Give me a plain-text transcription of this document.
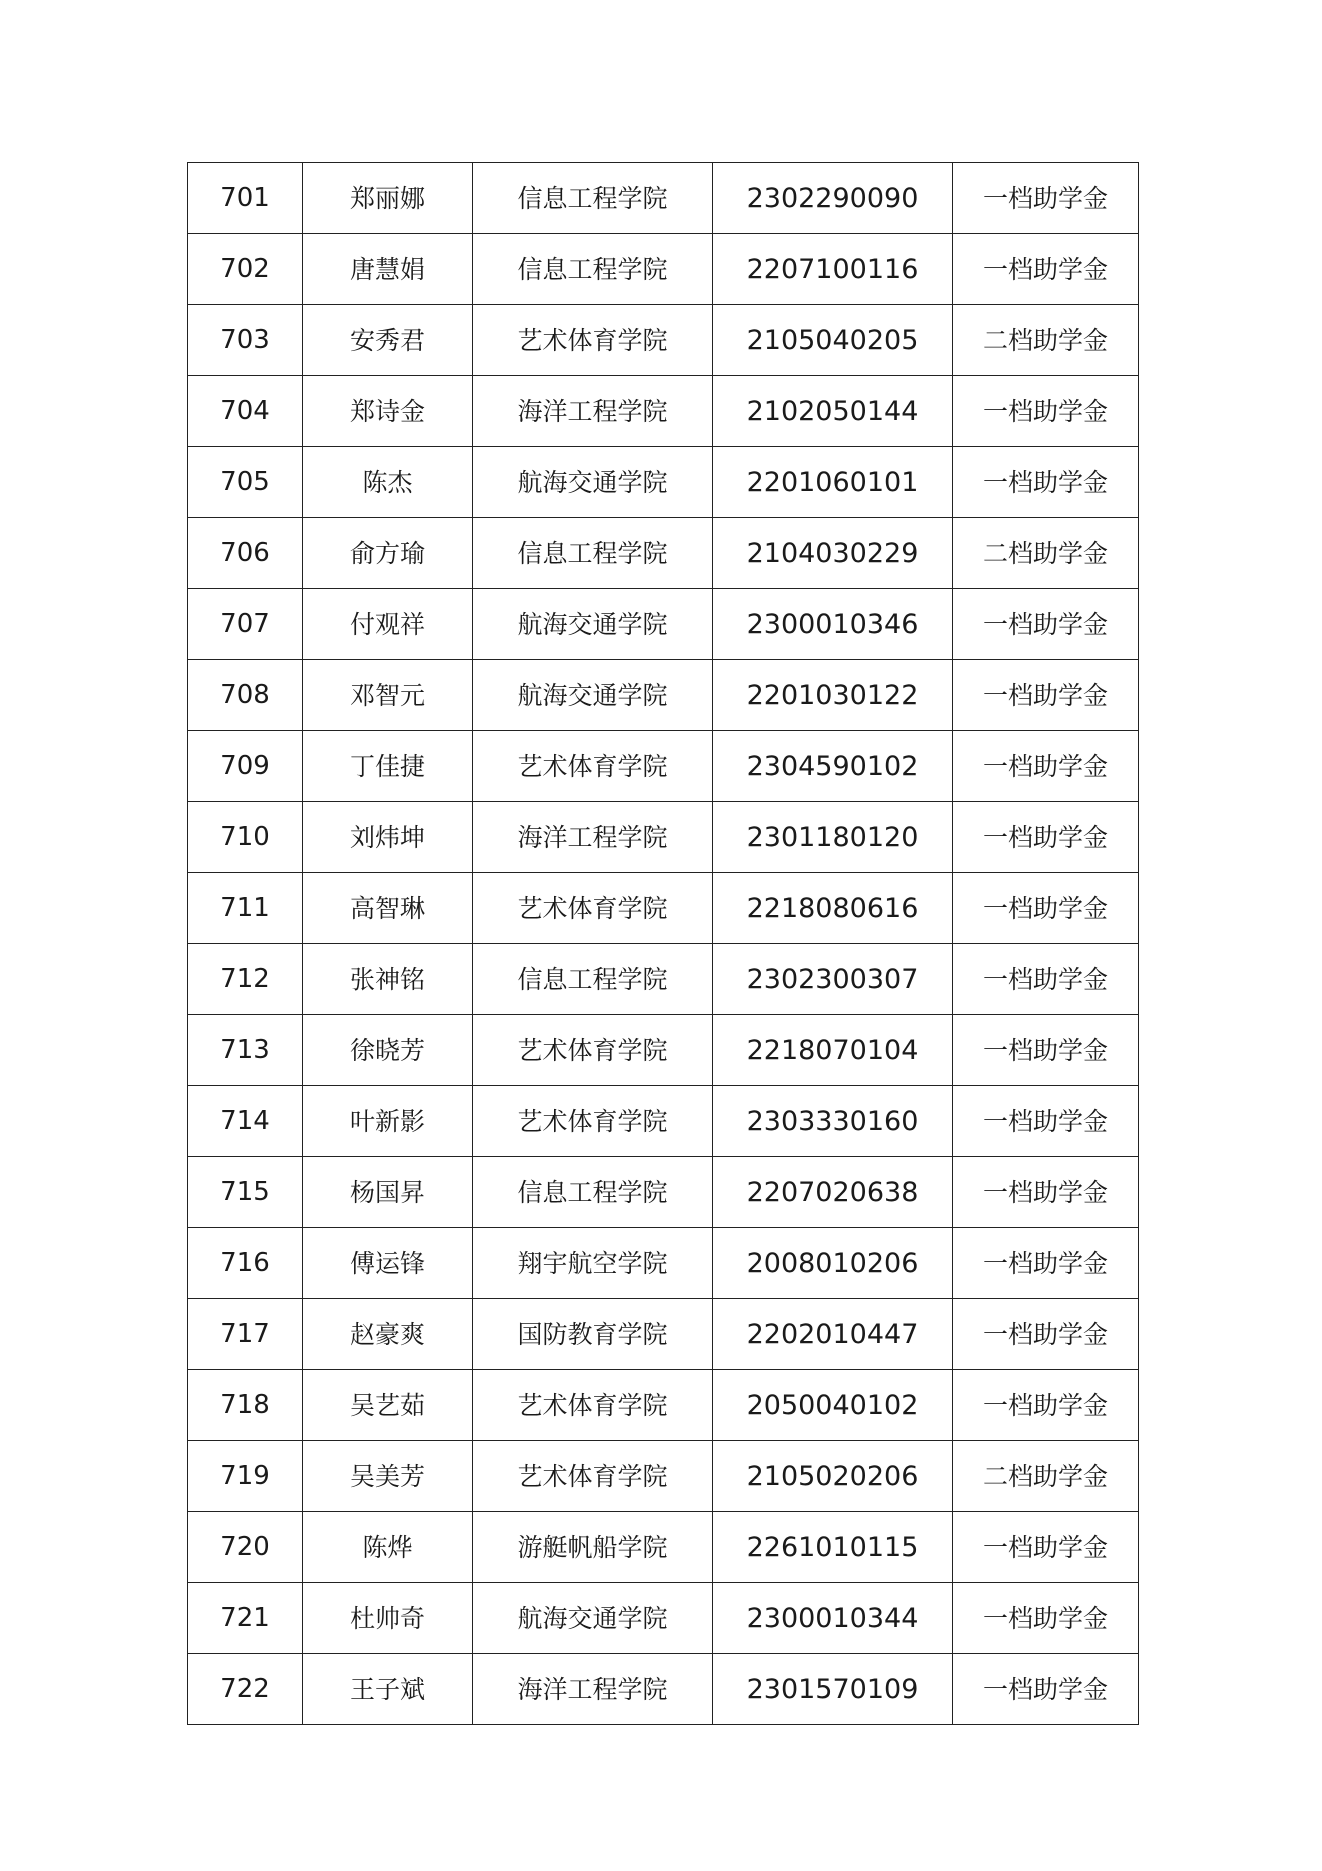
701	郑丽娜	信息工程学院	2302290090	一档助学金
702	唐慧娟	信息工程学院	2207100116	一档助学金
703	安秀君	艺术体育学院	2105040205	二档助学金
704	郑诗金	海洋工程学院	2102050144	一档助学金
705	陈杰	航海交通学院	2201060101	一档助学金
706	俞方瑜	信息工程学院	2104030229	二档助学金
707	付观祥	航海交通学院	2300010346	一档助学金
708	邓智元	航海交通学院	2201030122	一档助学金
709	丁佳捷	艺术体育学院	2304590102	一档助学金
710	刘炜坤	海洋工程学院	2301180120	一档助学金
711	高智琳	艺术体育学院	2218080616	一档助学金
712	张神铭	信息工程学院	2302300307	一档助学金
713	徐晓芳	艺术体育学院	2218070104	一档助学金
714	叶新影	艺术体育学院	2303330160	一档助学金
715	杨国昇	信息工程学院	2207020638	一档助学金
716	傅运锋	翔宇航空学院	2008010206	一档助学金
717	赵豪爽	国防教育学院	2202010447	一档助学金
718	吴艺茹	艺术体育学院	2050040102	一档助学金
719	吴美芳	艺术体育学院	2105020206	二档助学金
720	陈烨	游艇帆船学院	2261010115	一档助学金
721	杜帅奇	航海交通学院	2300010344	一档助学金
722	王子斌	海洋工程学院	2301570109	一档助学金
